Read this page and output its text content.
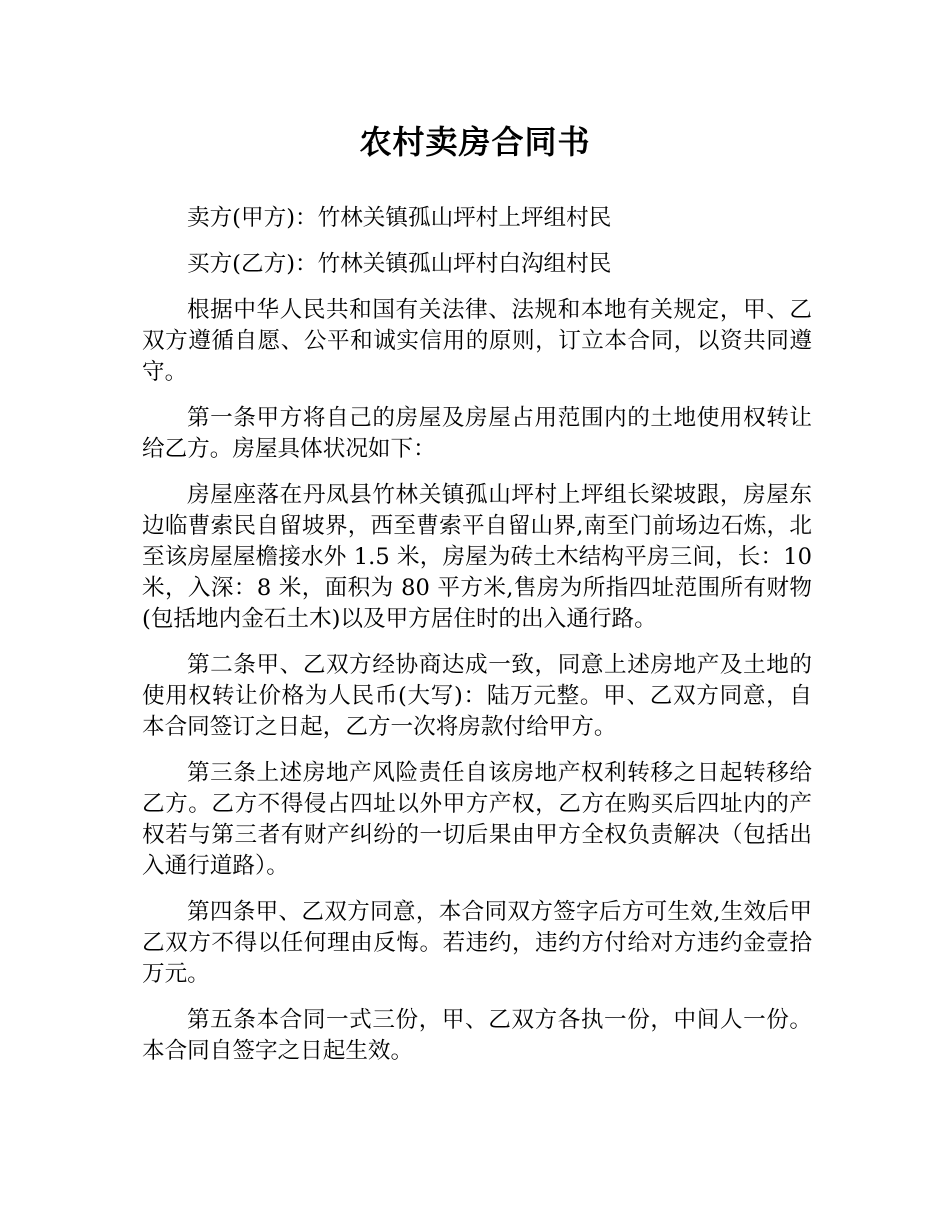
农村卖房合同书

卖方(甲方)：竹林关镇孤山坪村上坪组村民

买方(乙方)：竹林关镇孤山坪村白沟组村民

根据中华人民共和国有关法律、法规和本地有关规定，甲、乙双方遵循自愿、公平和诚实信用的原则，订立本合同，以资共同遵守。

第一条甲方将自己的房屋及房屋占用范围内的土地使用权转让给乙方。房屋具体状况如下：

房屋座落在丹凤县竹林关镇孤山坪村上坪组长梁坡跟，房屋东边临曹索民自留坡界，西至曹索平自留山界,南至门前场边石炼，北至该房屋屋檐接水外 1.5 米，房屋为砖土木结构平房三间，长：10 米，入深：8 米，面积为 80 平方米,售房为所指四址范围所有财物(包括地内金石土木)以及甲方居住时的出入通行路。

第二条甲、乙双方经协商达成一致，同意上述房地产及土地的使用权转让价格为人民币(大写)：陆万元整。甲、乙双方同意，自本合同签订之日起，乙方一次将房款付给甲方。

第三条上述房地产风险责任自该房地产权利转移之日起转移给乙方。乙方不得侵占四址以外甲方产权，乙方在购买后四址内的产权若与第三者有财产纠纷的一切后果由甲方全权负责解决（包括出入通行道路）。

第四条甲、乙双方同意，本合同双方签字后方可生效,生效后甲乙双方不得以任何理由反悔。若违约，违约方付给对方违约金壹拾万元。

第五条本合同一式三份，甲、乙双方各执一份，中间人一份。本合同自签字之日起生效。
